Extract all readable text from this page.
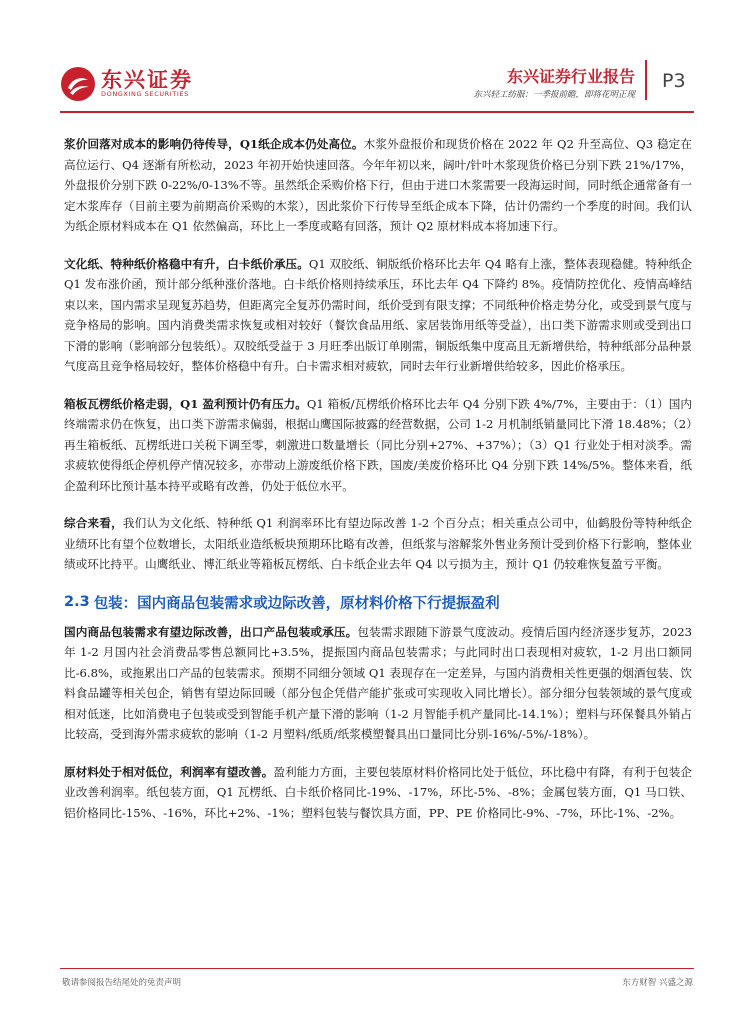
东兴证券
DONGXING SECURITIES
东兴证券行业报告
东兴轻工纺服：一季报前瞻，即将花明正现
P3

浆价回落对成本的影响仍待传导，Q1纸企成本仍处高位。木浆外盘报价和现货价格在 2022 年 Q2 升至高位、Q3 稳定在高位运行、Q4 逐渐有所松动，2023 年初开始快速回落。今年年初以来，阔叶/针叶木浆现货价格已分别下跌 21%/17%，外盘报价分别下跌 0-22%/0-13%不等。虽然纸企采购价格下行，但由于进口木浆需要一段海运时间，同时纸企通常备有一定木浆库存（目前主要为前期高价采购的木浆），因此浆价下行传导至纸企成本下降，估计仍需约一个季度的时间。我们认为纸企原材料成本在 Q1 依然偏高，环比上一季度或略有回落，预计 Q2 原材料成本将加速下行。

文化纸、特种纸价格稳中有升，白卡纸价承压。Q1 双胶纸、铜版纸价格环比去年 Q4 略有上涨，整体表现稳健。特种纸企 Q1 发布涨价函，预计部分纸种涨价落地。白卡纸价格则持续承压，环比去年 Q4 下降约 8%。疫情防控优化、疫情高峰结束以来，国内需求呈现复苏趋势，但距离完全复苏仍需时间，纸价受到有限支撑；不同纸种价格走势分化，或受到景气度与竞争格局的影响。国内消费类需求恢复或相对较好（餐饮食品用纸、家居装饰用纸等受益），出口类下游需求则或受到出口下滑的影响（影响部分包装纸）。双胶纸受益于 3 月旺季出版订单刚需，铜版纸集中度高且无新增供给，特种纸部分品种景气度高且竞争格局较好，整体价格稳中有升。白卡需求相对疲软，同时去年行业新增供给较多，因此价格承压。

箱板瓦楞纸价格走弱，Q1 盈利预计仍有压力。Q1 箱板/瓦楞纸价格环比去年 Q4 分别下跌 4%/7%，主要由于：（1）国内终端需求仍在恢复，出口类下游需求偏弱，根据山鹰国际披露的经营数据，公司 1-2 月机制纸销量同比下滑 18.48%；（2）再生箱板纸、瓦楞纸进口关税下调至零，刺激进口数量增长（同比分别+27%、+37%）；（3）Q1 行业处于相对淡季。需求疲软使得纸企停机停产情况较多，亦带动上游废纸价格下跌，国废/美废价格环比 Q4 分别下跌 14%/5%。整体来看，纸企盈利环比预计基本持平或略有改善，仍处于低位水平。

综合来看，我们认为文化纸、特种纸 Q1 利润率环比有望边际改善 1-2 个百分点；相关重点公司中，仙鹤股份等特种纸企业绩环比有望个位数增长，太阳纸业造纸板块预期环比略有改善，但纸浆与溶解浆外售业务预计受到价格下行影响，整体业绩或环比持平。山鹰纸业、博汇纸业等箱板瓦楞纸、白卡纸企业去年 Q4 以亏损为主，预计 Q1 仍较难恢复盈亏平衡。

2.3 包装：国内商品包装需求或边际改善，原材料价格下行提振盈利

国内商品包装需求有望边际改善，出口产品包装或承压。包装需求跟随下游景气度波动。疫情后国内经济逐步复苏，2023 年 1-2 月国内社会消费品零售总额同比+3.5%，提振国内商品包装需求；与此同时出口表现相对疲软，1-2 月出口额同比-6.8%，或拖累出口产品的包装需求。预期不同细分领域 Q1 表现存在一定差异，与国内消费相关性更强的烟酒包装、饮料食品罐等相关包企，销售有望边际回暖（部分包企凭借产能扩张或可实现收入同比增长）。部分细分包装领域的景气度或相对低迷，比如消费电子包装或受到智能手机产量下滑的影响（1-2 月智能手机产量同比-14.1%）；塑料与环保餐具外销占比较高，受到海外需求疲软的影响（1-2 月塑料/纸质/纸浆模塑餐具出口量同比分别-16%/-5%/-18%）。

原材料处于相对低位，利润率有望改善。盈利能力方面，主要包装原材料价格同比处于低位，环比稳中有降，有利于包装企业改善利润率。纸包装方面，Q1 瓦楞纸、白卡纸价格同比-19%、-17%，环比-5%、-8%；金属包装方面，Q1 马口铁、铝价格同比-15%、-16%，环比+2%、-1%；塑料包装与餐饮具方面，PP、PE 价格同比-9%、-7%，环比-1%、-2%。

敬请参阅报告结尾处的免责声明	东方财智 兴盛之源
